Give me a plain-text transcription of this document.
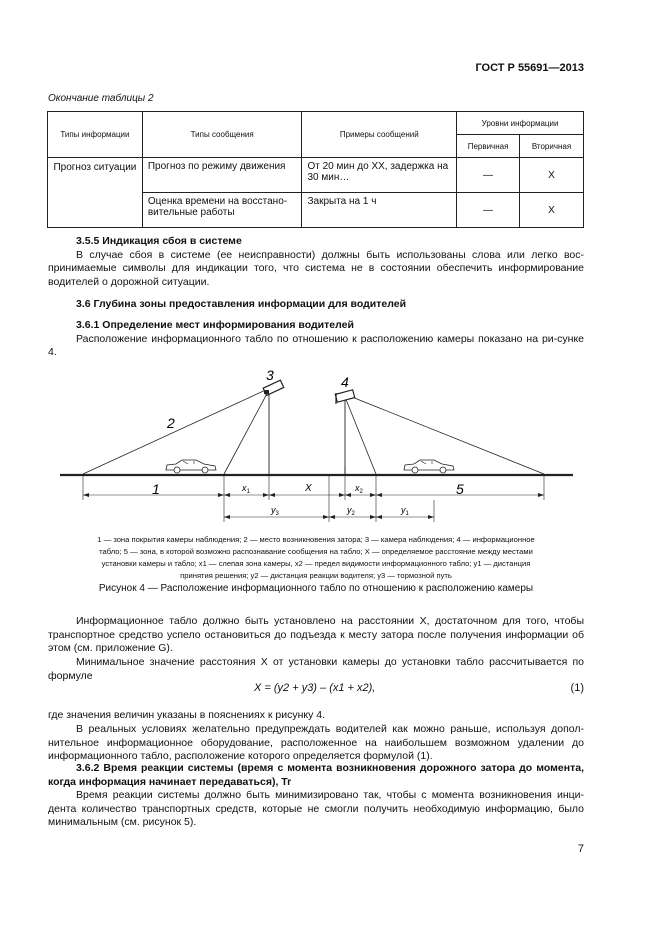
ГОСТ Р 55691—2013
Окончание таблицы 2
Типы информации	Типы сообщения	Примеры сообщений	Уровни информации	
			Первичная	Вторичная
Прогноз ситуации	Прогноз по режиму движения	От 20 мин до XX, задержка на 30 мин…	—	X
	Оценка времени на восстано-вительные работы	Закрыта на 1 ч	—	X
3.5.5 Индикация сбоя в системе
В случае сбоя в системе (ее неисправности) должны быть использованы слова или легко вос-принимаемые символы для индикации того, что система не в состоянии обеспечить информирование водителей о дорожной ситуации.
3.6 Глубина зоны предоставления информации для водителей
3.6.1 Определение мест информирования водителей
Расположение информационного табло по отношению к расположению камеры показано на ри-сунке 4.
2
3	4
1	5
$x_1$	X	$x_2$
$y_3$	$y_2$	$y_1$
1 — зона покрытия камеры наблюдения; 2 — место возникновения затора; 3 — камера наблюдения; 4 — информационное
табло; 5 — зона, в которой возможно распознавание сообщения на табло; X — определяемое расстояние между местами
установки камеры и табло; x1 — слепая зона камеры, x2 — предел видимости информационного табло; y1 — дистанция
принятия решения; y2 — дистанция реакции водителя; y3 — тормозной путь
Рисунок 4 — Расположение информационного табло по отношению к расположению камеры
Информационное табло должно быть установлено на расстоянии X, достаточном для того, чтобы транспортное средство успело остановиться до подъезда к месту затора после получения информации об этом (см. приложение G).
Минимальное значение расстояния X от установки камеры до установки табло рассчитывается по формуле
X = (y2 + y3) – (x1 + x2),	(1)
где значения величин указаны в пояснениях к рисунку 4.
В реальных условиях желательно предупреждать водителей как можно раньше, используя допол-нительное информационное оборудование, расположенное на наибольшем возможном удалении до информационного табло, расположение которого определяется формулой (1).
3.6.2 Время реакции системы (время с момента возникновения дорожного затора до момента, когда информация начинает передаваться), Tr
Время реакции системы должно быть минимизировано так, чтобы с момента возникновения инци-дента количество транспортных средств, которые не смогли получить необходимую информацию, было минимальным (см. рисунок 5).
7
